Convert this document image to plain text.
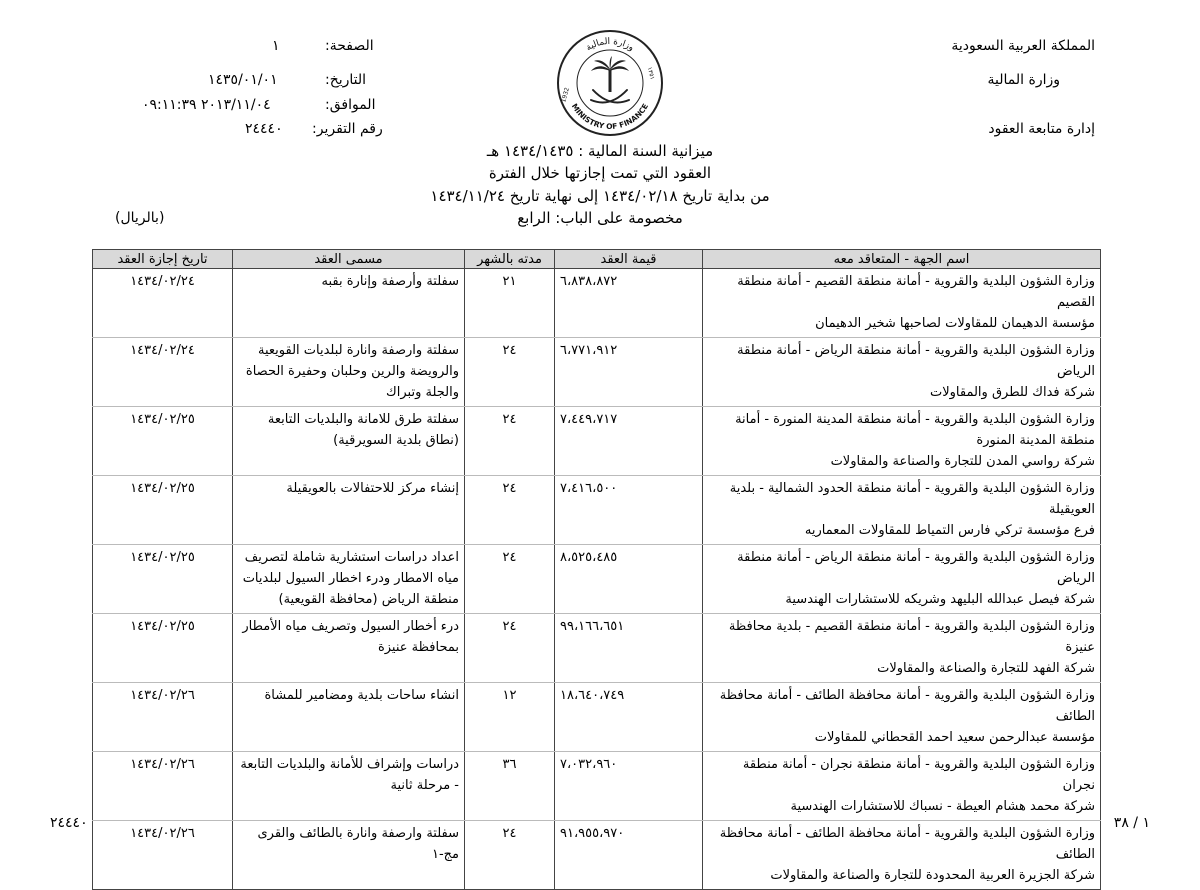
المملكة العربية السعودية
وزارة المالية
إدارة متابعة العقود
الصفحة:
١
التاريخ:
١٤٣٥/٠١/٠١
الموافق:
٢٠١٣/١١/٠٤ ٠٩:١١:٣٩
رقم التقرير:
٢٤٤٤٠
وزارة المالية
MINISTRY OF FINANCE
1932
١٣٥١
ميزانية السنة المالية : ١٤٣٤/١٤٣٥ هـ
العقود التي تمت إجازتها خلال الفترة
من بداية تاريخ ١٤٣٤/٠٢/١٨ إلى نهاية تاريخ ١٤٣٤/١١/٢٤
مخصومة على الباب: الرابع
(بالريال)
اسم الجهة - المتعاقد معه	قيمة العقد	مدته بالشهر	مسمى العقد	تاريخ إجازة العقد

وزارة الشؤون البلدية والقروية - أمانة منطقة القصيم - أمانة منطقة القصيم
مؤسسة الدهيمان للمقاولات لصاحبها شخير الدهيمان	٦،٨٣٨،٨٧٢	٢١	سفلتة وأرصفة وإنارة بقبه	١٤٣٤/٠٢/٢٤

وزارة الشؤون البلدية والقروية - أمانة منطقة الرياض - أمانة منطقة الرياض
شركة فداك للطرق والمقاولات	٦،٧٧١،٩١٢	٢٤	سفلتة وارصفة وانارة لبلديات القويعية والرويضة والرين وحلبان وحفيرة الحصاة والجلة وتبراك	١٤٣٤/٠٢/٢٤

وزارة الشؤون البلدية والقروية - أمانة منطقة المدينة المنورة - أمانة منطقة المدينة المنورة
شركة رواسي المدن للتجارة والصناعة والمقاولات	٧،٤٤٩،٧١٧	٢٤	سفلتة طرق للامانة والبلديات التابعة (نطاق بلدية السويرقية)	١٤٣٤/٠٢/٢٥

وزارة الشؤون البلدية والقروية - أمانة منطقة الحدود الشمالية - بلدية العويقيلة
فرع مؤسسة تركي فارس التمياط للمقاولات المعماريه	٧،٤١٦،٥٠٠	٢٤	إنشاء مركز للاحتفالات بالعويقيلة	١٤٣٤/٠٢/٢٥

وزارة الشؤون البلدية والقروية - أمانة منطقة الرياض - أمانة منطقة الرياض
شركة فيصل عبدالله البليهد وشريكه للاستشارات الهندسية	٨،٥٢٥،٤٨٥	٢٤	اعداد دراسات استشارية شاملة لتصريف مياه الامطار ودرء اخطار السيول لبلديات منطقة الرياض (محافظة القويعية)	١٤٣٤/٠٢/٢٥

وزارة الشؤون البلدية والقروية - أمانة منطقة القصيم - بلدية محافظة عنيزة
شركة الفهد للتجارة والصناعة والمقاولات	٩٩،١٦٦،٦٥١	٢٤	درء أخطار السيول وتصريف مياه الأمطار بمحافظة عنيزة	١٤٣٤/٠٢/٢٥

وزارة الشؤون البلدية والقروية - أمانة محافظة الطائف - أمانة محافظة الطائف
مؤسسة عبدالرحمن سعيد احمد القحطاني للمقاولات	١٨،٦٤٠،٧٤٩	١٢	انشاء ساحات بلدية ومضامير للمشاة	١٤٣٤/٠٢/٢٦

وزارة الشؤون البلدية والقروية - أمانة منطقة نجران - أمانة منطقة نجران
شركة محمد هشام العيطة - نسباك للاستشارات الهندسية	٧،٠٣٢،٩٦٠	٣٦	دراسات وإشراف للأمانة والبلديات التابعة - مرحلة ثانية	١٤٣٤/٠٢/٢٦

وزارة الشؤون البلدية والقروية - أمانة محافظة الطائف - أمانة محافظة الطائف
شركة الجزيرة العربية المحدودة للتجارة والصناعة والمقاولات	٩١،٩٥٥،٩٧٠	٢٤	سفلتة وارصفة وانارة بالطائف والقرى مج-١	١٤٣٤/٠٢/٢٦
٢٤٤٤٠	١ / ٣٨
